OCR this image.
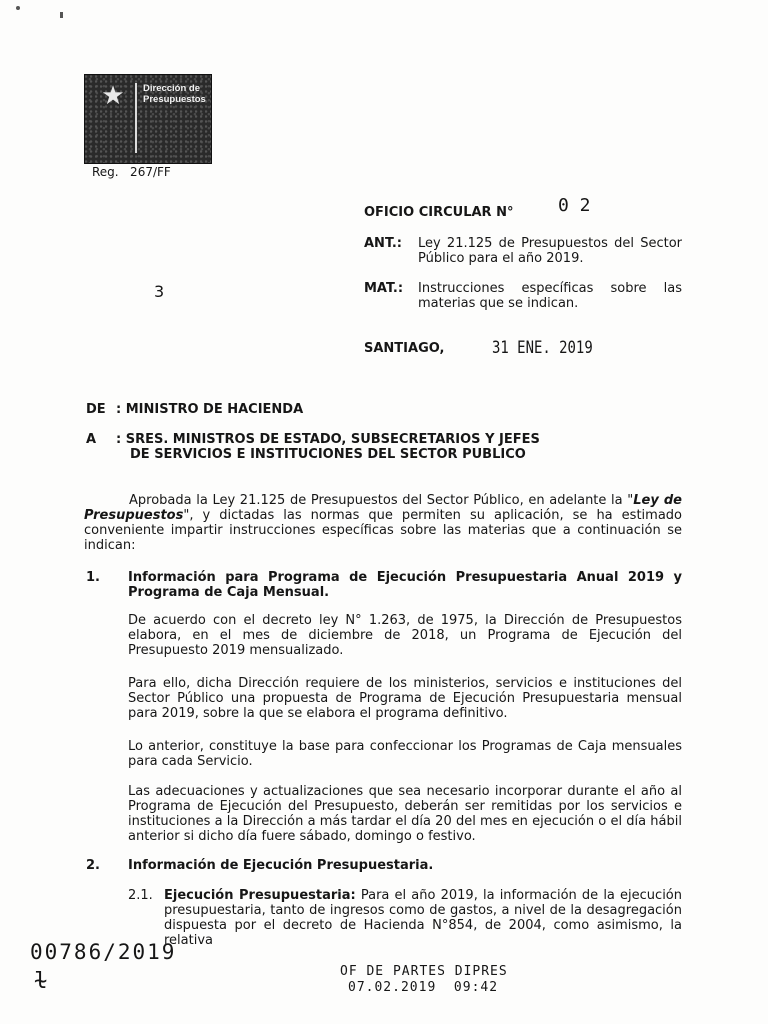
★	Dirección de
Presupuestos
Reg.   267/FF
OFICIO CIRCULAR N° 0 2
ANT.: Ley 21.125 de Presupuestos del Sector
Público para el año 2019.
MAT.: Instrucciones específicas sobre las
materias que se indican.
3
SANTIAGO,	31 ENE. 2019
DE : MINISTRO DE HACIENDA
A : SRES. MINISTROS DE ESTADO, SUBSECRETARIOS Y JEFES
DE SERVICIOS E INSTITUCIONES DEL SECTOR PUBLICO

Aprobada la Ley 21.125 de Presupuestos del Sector Público, en adelante la "Ley de Presupuestos", y dictadas las normas que permiten su aplicación, se ha estimado conveniente impartir instrucciones específicas sobre las materias que a continuación se indican:

1. Información para Programa de Ejecución Presupuestaria Anual 2019 y Programa de Caja Mensual.

De acuerdo con el decreto ley N° 1.263, de 1975, la Dirección de Presupuestos elabora, en el mes de diciembre de 2018, un Programa de Ejecución del Presupuesto 2019 mensualizado.

Para ello, dicha Dirección requiere de los ministerios, servicios e instituciones del Sector Público una propuesta de Programa de Ejecución Presupuestaria mensual para 2019, sobre la que se elabora el programa definitivo.

Lo anterior, constituye la base para confeccionar los Programas de Caja mensuales para cada Servicio.

Las adecuaciones y actualizaciones que sea necesario incorporar durante el año al Programa de Ejecución del Presupuesto, deberán ser remitidas por los servicios e instituciones a la Dirección a más tardar el día 20 del mes en ejecución o el día hábil anterior si dicho día fuere sábado, domingo o festivo.

2. Información de Ejecución Presupuestaria.
2.1. Ejecución Presupuestaria: Para el año 2019, la información de la ejecución presupuestaria, tanto de ingresos como de gastos, a nivel de la desagregación dispuesta por el decreto de Hacienda N°854, de 2004, como asimismo, la relativa

00786/2019
ɫ	OF DE PARTES DIPRES
07.02.2019  09:42
